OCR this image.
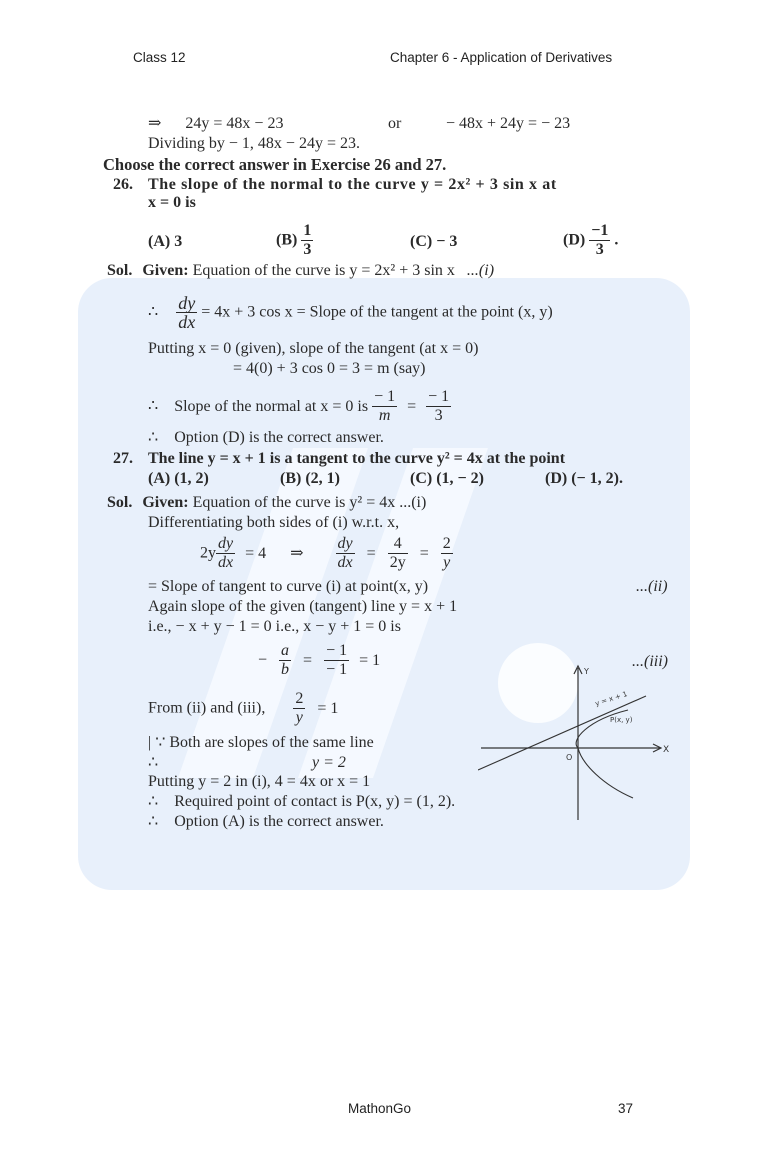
Class 12	Chapter 6 - Application of Derivatives
⇒ 24y = 48x − 23	or	− 48x + 24y = − 23
Dividing by − 1, 48x − 24y = 23.
Choose the correct answer in Exercise 26 and 27.
26. The slope of the normal to the curve y = 2x² + 3 sin x at
x = 0 is
(A) 3	$(B) \frac{1}{3}$	(C) − 3	$(D) \frac{-1}{3}$ .
Sol. Given: Equation of the curve is y = 2x² + 3 sin x ...(i)
∴ $\frac{dy}{dx} = 4x + 3$ cos x = Slope of the tangent at the point (x, y)
Putting x = 0 (given), slope of the tangent (at x = 0)
= 4(0) + 3 cos 0 = 3 = m (say)
∴ Slope of the normal at x = 0 is $\frac{- 1}{m} = \frac{- 1}{3}$
∴ Option (D) is the correct answer.
27. The line y = x + 1 is a tangent to the curve y² = 4x at the point
(A) (1, 2)	(B) (2, 1)	(C) (1, − 2)	(D) (− 1, 2).
Sol. Given: Equation of the curve is y² = 4x ...(i)
Differentiating both sides of (i) w.r.t. x,
$2y \frac{dy}{dx} = 4$ ⇒ $\frac{dy}{dx} = \frac{4}{2y} = \frac{2}{y}$
= Slope of tangent to curve (i) at point(x, y)	...(ii)
Again slope of the given (tangent) line y = x + 1
i.e., − x + y − 1 = 0 i.e., x − y + 1 = 0 is
− $\frac{a}{b} = \frac{- 1}{- 1} = 1$	...(iii)
From (ii) and (iii), $\frac{2}{y} = 1$
| ∵ Both are slopes of the same line
∴	y = 2
Putting y = 2 in (i), 4 = 4x or x = 1
∴ Required point of contact is P(x, y) = (1, 2).
∴ Option (A) is the correct answer.
Y
X
O
y = x + 1
P(x, y)
MathonGo	37
